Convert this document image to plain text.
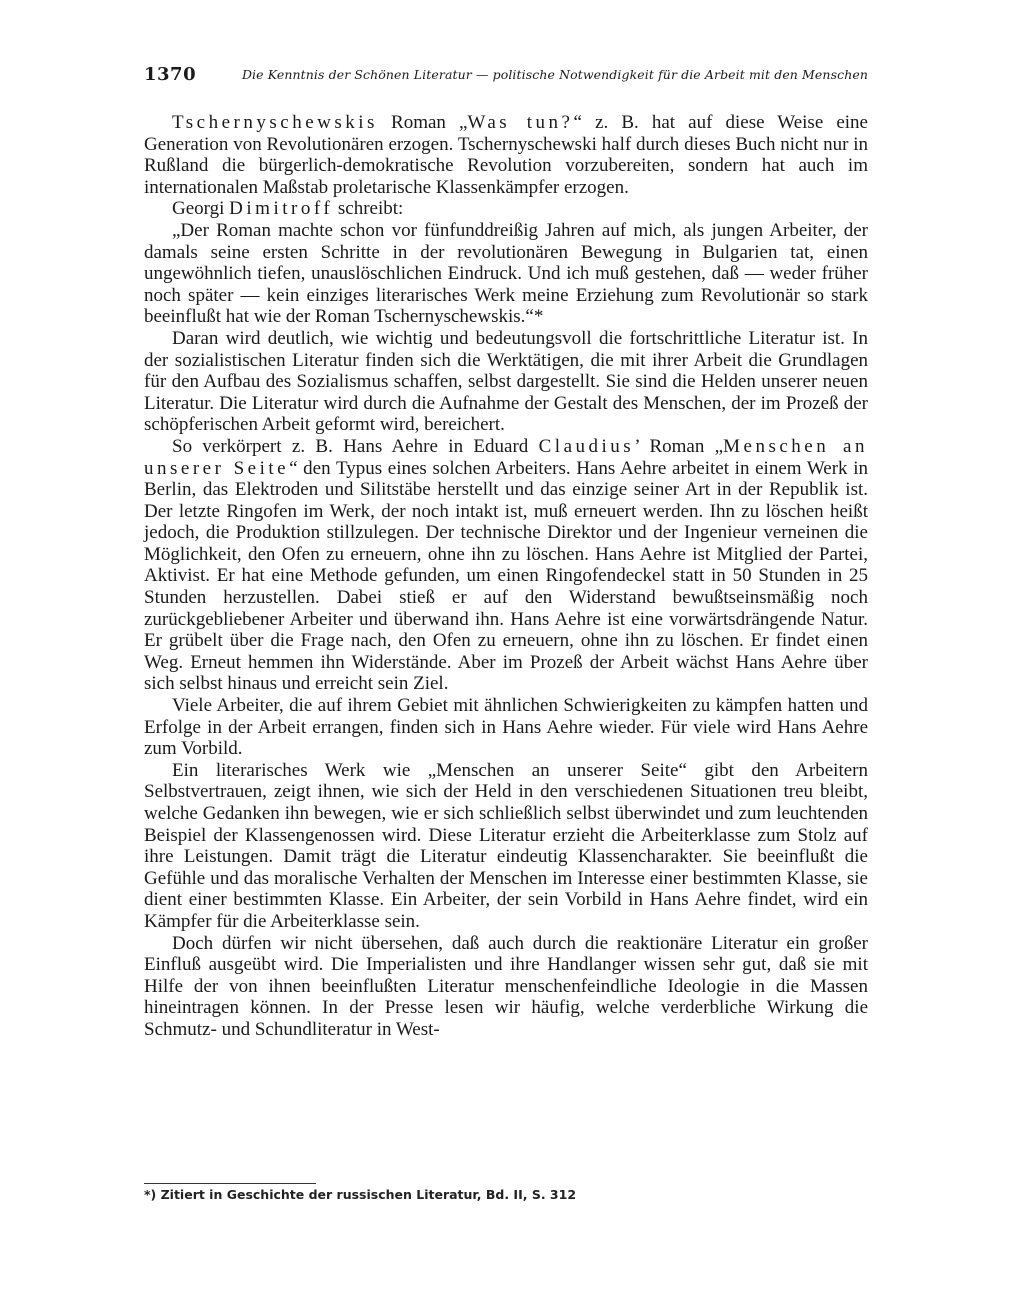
1370	Die Kenntnis der Schönen Literatur — politische Notwendigkeit für die Arbeit mit den Menschen

Tschernyschewskis Roman „Was tun?“ z. B. hat auf diese Weise eine Generation von Revolutionären erzogen. Tschernyschewski half durch dieses Buch nicht nur in Rußland die bürgerlich-demokratische Revolution vorzubereiten, sondern hat auch im internationalen Maßstab proletarische Klassenkämpfer erzogen.

Georgi Dimitroff schreibt:

„Der Roman machte schon vor fünfunddreißig Jahren auf mich, als jungen Arbeiter, der damals seine ersten Schritte in der revolutionären Bewegung in Bulgarien tat, einen ungewöhnlich tiefen, unauslöschlichen Eindruck. Und ich muß gestehen, daß — weder früher noch später — kein einziges literarisches Werk meine Erziehung zum Revolutionär so stark beeinflußt hat wie der Roman Tschernyschewskis.“*

Daran wird deutlich, wie wichtig und bedeutungsvoll die fortschrittliche Literatur ist. In der sozialistischen Literatur finden sich die Werktätigen, die mit ihrer Arbeit die Grundlagen für den Aufbau des Sozialismus schaffen, selbst dargestellt. Sie sind die Helden unserer neuen Literatur. Die Literatur wird durch die Aufnahme der Gestalt des Menschen, der im Prozeß der schöpferischen Arbeit geformt wird, bereichert.

So verkörpert z. B. Hans Aehre in Eduard Claudius’ Roman „Menschen an unserer Seite“ den Typus eines solchen Arbeiters. Hans Aehre arbeitet in einem Werk in Berlin, das Elektroden und Silitstäbe herstellt und das einzige seiner Art in der Republik ist. Der letzte Ringofen im Werk, der noch intakt ist, muß erneuert werden. Ihn zu löschen heißt jedoch, die Produktion stillzulegen. Der technische Direktor und der Ingenieur verneinen die Möglichkeit, den Ofen zu erneuern, ohne ihn zu löschen. Hans Aehre ist Mitglied der Partei, Aktivist. Er hat eine Methode gefunden, um einen Ringofendeckel statt in 50 Stunden in 25 Stunden herzustellen. Dabei stieß er auf den Widerstand bewußtseinsmäßig noch zurückgebliebener Arbeiter und überwand ihn. Hans Aehre ist eine vorwärtsdrängende Natur. Er grübelt über die Frage nach, den Ofen zu erneuern, ohne ihn zu löschen. Er findet einen Weg. Erneut hemmen ihn Widerstände. Aber im Prozeß der Arbeit wächst Hans Aehre über sich selbst hinaus und erreicht sein Ziel.

Viele Arbeiter, die auf ihrem Gebiet mit ähnlichen Schwierigkeiten zu kämpfen hatten und Erfolge in der Arbeit errangen, finden sich in Hans Aehre wieder. Für viele wird Hans Aehre zum Vorbild.

Ein literarisches Werk wie „Menschen an unserer Seite“ gibt den Arbeitern Selbstvertrauen, zeigt ihnen, wie sich der Held in den verschiedenen Situationen treu bleibt, welche Gedanken ihn bewegen, wie er sich schließlich selbst überwindet und zum leuchtenden Beispiel der Klassengenossen wird. Diese Literatur erzieht die Arbeiterklasse zum Stolz auf ihre Leistungen. Damit trägt die Literatur eindeutig Klassencharakter. Sie beeinflußt die Gefühle und das moralische Verhalten der Menschen im Interesse einer bestimmten Klasse, sie dient einer bestimmten Klasse. Ein Arbeiter, der sein Vorbild in Hans Aehre findet, wird ein Kämpfer für die Arbeiterklasse sein.

Doch dürfen wir nicht übersehen, daß auch durch die reaktionäre Literatur ein großer Einfluß ausgeübt wird. Die Imperialisten und ihre Handlanger wissen sehr gut, daß sie mit Hilfe der von ihnen beeinflußten Literatur menschenfeindliche Ideologie in die Massen hineintragen können. In der Presse lesen wir häufig, welche verderbliche Wirkung die Schmutz- und Schundliteratur in West-

*) Zitiert in Geschichte der russischen Literatur, Bd. II, S. 312
